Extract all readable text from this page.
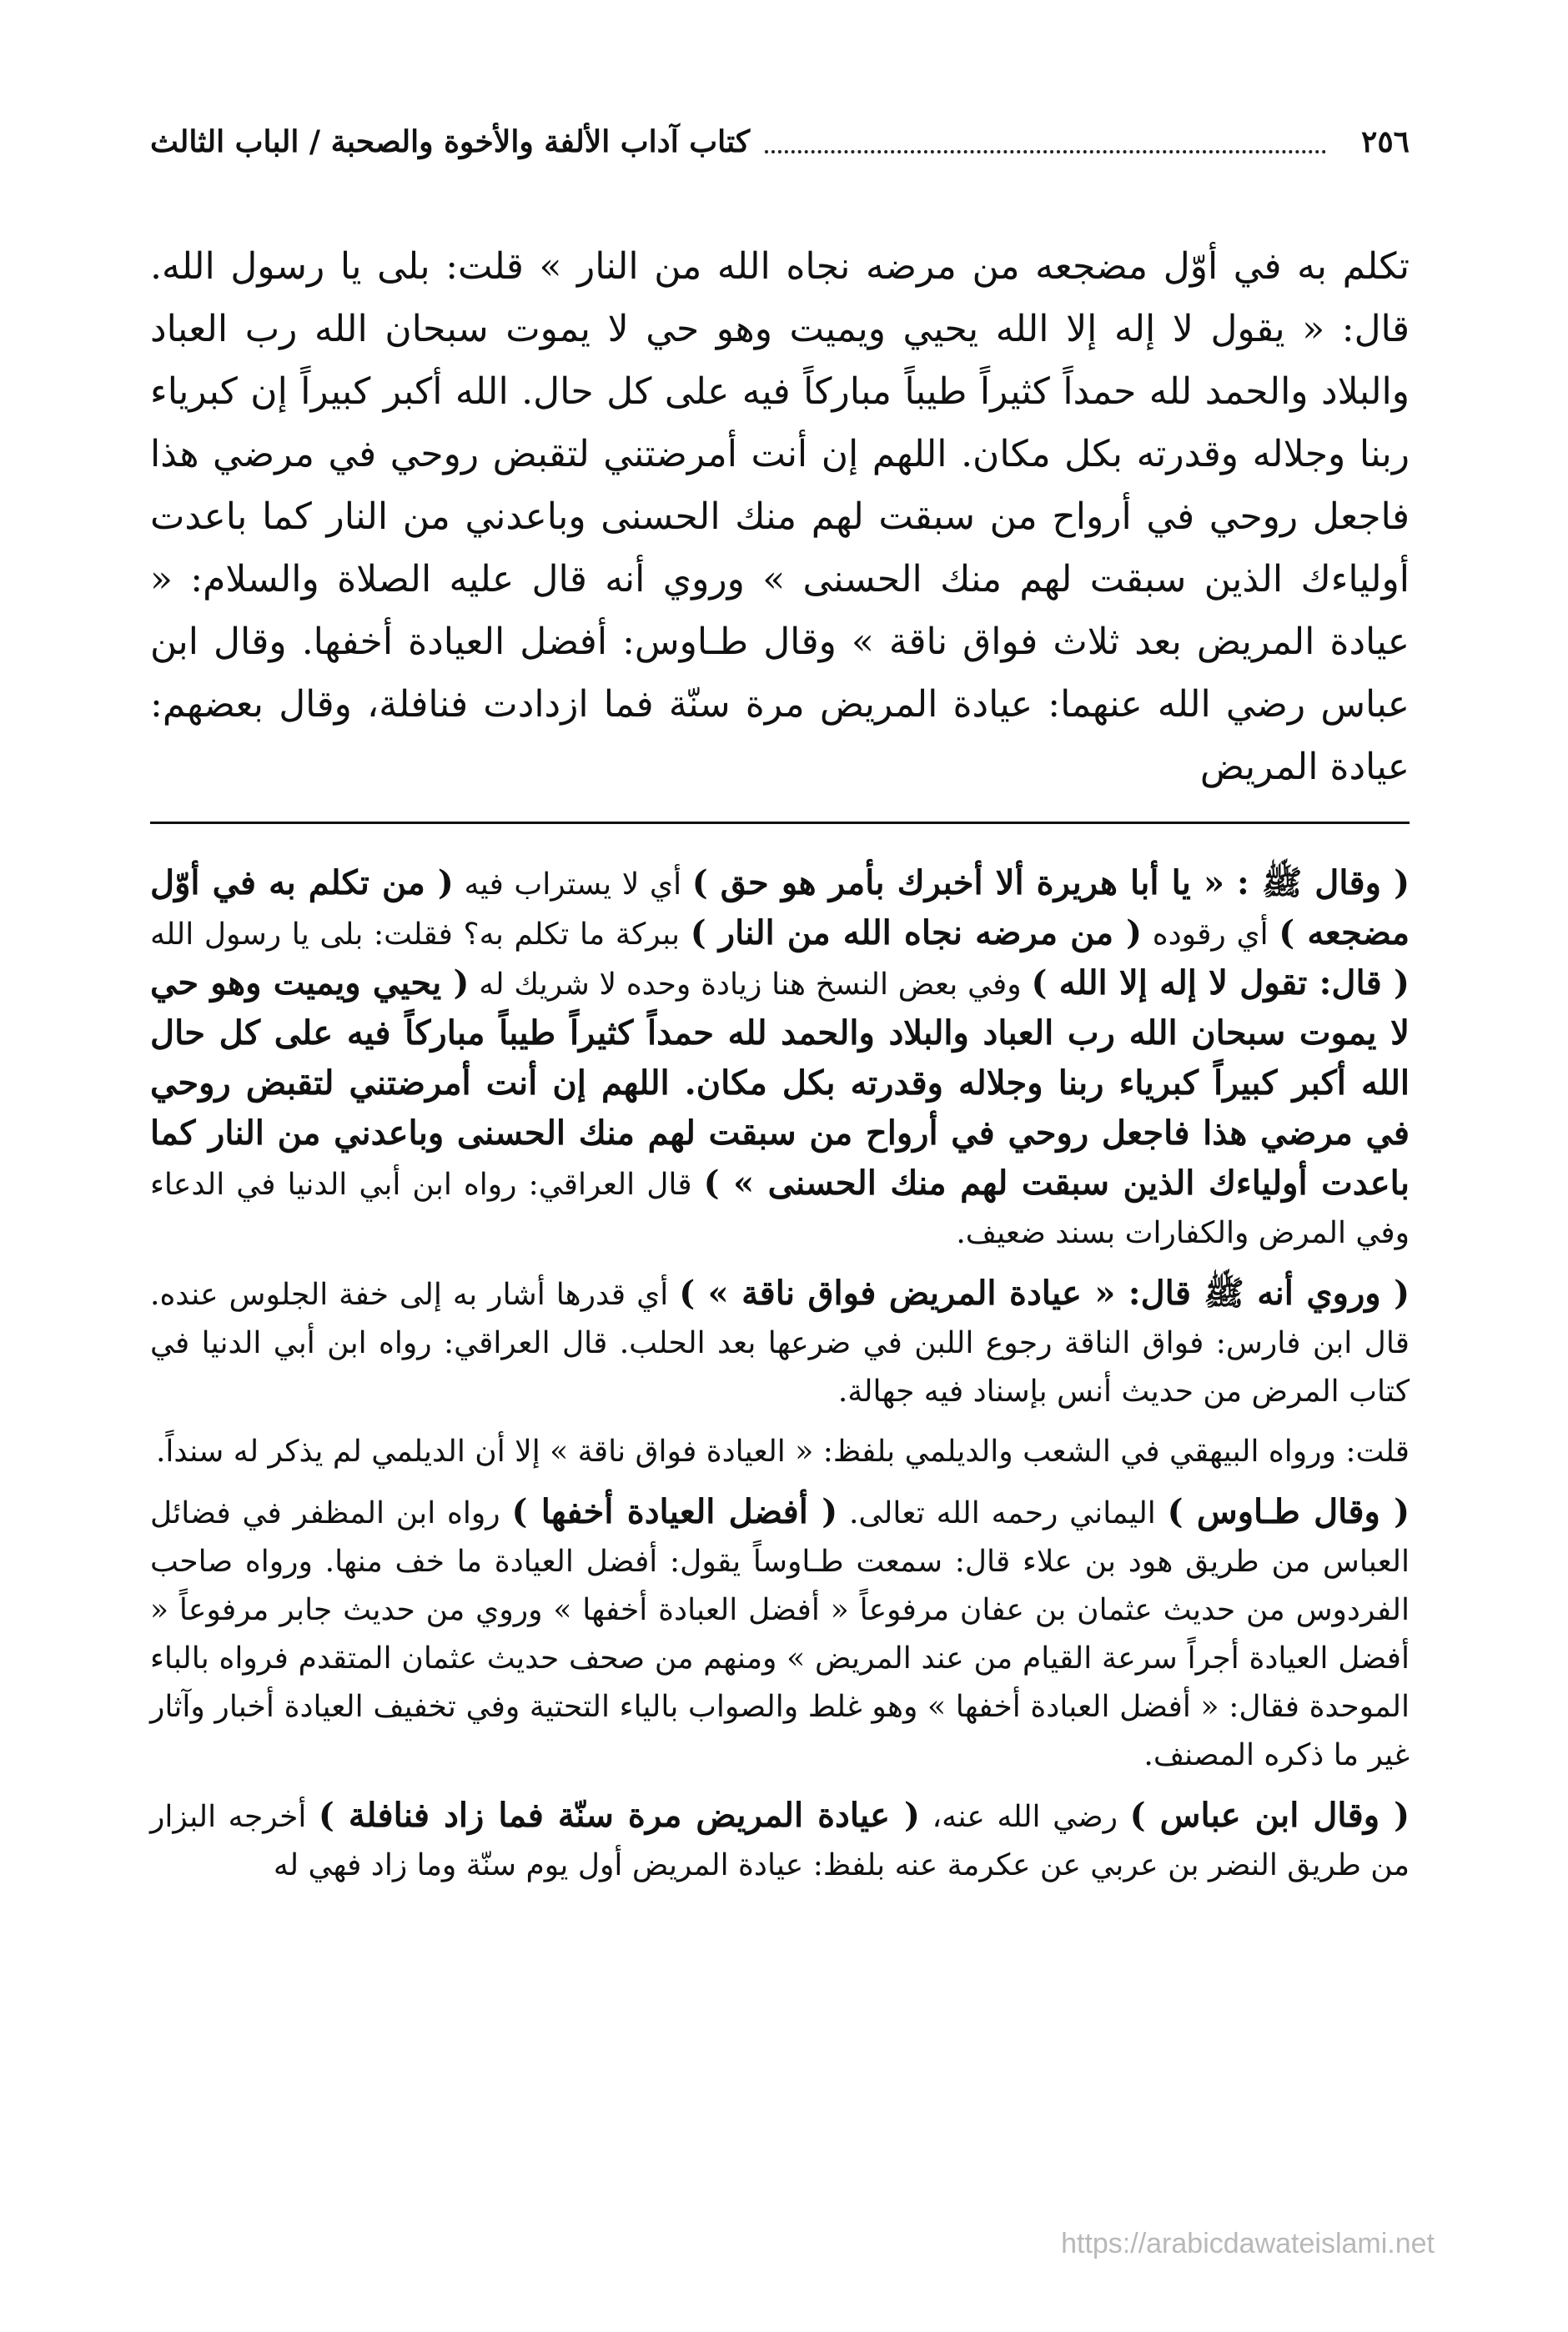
٢٥٦
كتاب آداب الألفة والأخوة والصحبة / الباب الثالث

تكلم به في أوّل مضجعه من مرضه نجاه الله من النار » قلت: بلى يا رسول الله. قال: « يقول لا إله إلا الله يحيي ويميت وهو حي لا يموت سبحان الله رب العباد والبلاد والحمد لله حمداً كثيراً طيباً مباركاً فيه على كل حال. الله أكبر كبيراً إن كبرياء ربنا وجلاله وقدرته بكل مكان. اللهم إن أنت أمرضتني لتقبض روحي في مرضي هذا فاجعل روحي في أرواح من سبقت لهم منك الحسنى وباعدني من النار كما باعدت أولياءك الذين سبقت لهم منك الحسنى » وروي أنه قال عليه الصلاة والسلام: « عيادة المريض بعد ثلاث فواق ناقة » وقال طـاوس: أفضل العيادة أخفها. وقال ابن عباس رضي الله عنهما: عيادة المريض مرة سنّة فما ازدادت فنافلة، وقال بعضهم: عيادة المريض

( وقال ﷺ : « يا أبا هريرة ألا أخبرك بأمر هو حق ) أي لا يستراب فيه ( من تكلم به في أوّل مضجعه ) أي رقوده ( من مرضه نجاه الله من النار ) ببركة ما تكلم به؟ فقلت: بلى يا رسول الله ( قال: تقول لا إله إلا الله ) وفي بعض النسخ هنا زيادة وحده لا شريك له ( يحيي ويميت وهو حي لا يموت سبحان الله رب العباد والبلاد والحمد لله حمداً كثيراً طيباً مباركاً فيه على كل حال الله أكبر كبيراً كبرياء ربنا وجلاله وقدرته بكل مكان. اللهم إن أنت أمرضتني لتقبض روحي في مرضي هذا فاجعل روحي في أرواح من سبقت لهم منك الحسنى وباعدني من النار كما باعدت أولياءك الذين سبقت لهم منك الحسنى » ) قال العراقي: رواه ابن أبي الدنيا في الدعاء وفي المرض والكفارات بسند ضعيف.

( وروي أنه ﷺ قال: « عيادة المريض فواق ناقة » ) أي قدرها أشار به إلى خفة الجلوس عنده. قال ابن فارس: فواق الناقة رجوع اللبن في ضرعها بعد الحلب. قال العراقي: رواه ابن أبي الدنيا في كتاب المرض من حديث أنس بإسناد فيه جهالة.

قلت: ورواه البيهقي في الشعب والديلمي بلفظ: « العيادة فواق ناقة » إلا أن الديلمي لم يذكر له سنداً.

( وقال طـاوس ) اليماني رحمه الله تعالى. ( أفضل العيادة أخفها ) رواه ابن المظفر في فضائل العباس من طريق هود بن علاء قال: سمعت طـاوساً يقول: أفضل العيادة ما خف منها. ورواه صاحب الفردوس من حديث عثمان بن عفان مرفوعاً « أفضل العبادة أخفها » وروي من حديث جابر مرفوعاً « أفضل العيادة أجراً سرعة القيام من عند المريض » ومنهم من صحف حديث عثمان المتقدم فرواه بالباء الموحدة فقال: « أفضل العبادة أخفها » وهو غلط والصواب بالياء التحتية وفي تخفيف العيادة أخبار وآثار غير ما ذكره المصنف.

( وقال ابن عباس ) رضي الله عنه، ( عيادة المريض مرة سنّة فما زاد فنافلة ) أخرجه البزار من طريق النضر بن عربي عن عكرمة عنه بلفظ: عيادة المريض أول يوم سنّة وما زاد فهي له

https://arabicdawateislami.net
